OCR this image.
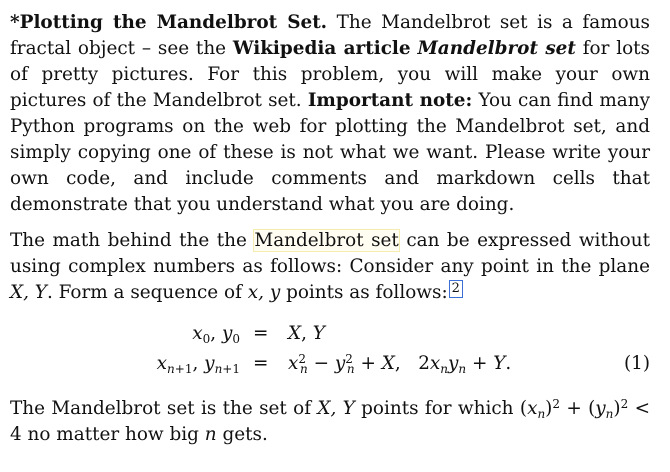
*Plotting the Mandelbrot Set. The Mandelbrot set is a famous fractal object – see the Wikipedia article Mandelbrot set for lots of pretty pictures. For this problem, you will make your own pictures of the Mandelbrot set. Important note: You can find many Python programs on the web for plotting the Mandelbrot set, and simply copying one of these is not what we want. Please write your own code, and include comments and markdown cells that demonstrate that you understand what you are doing.

The math behind the the Mandelbrot set can be expressed without using complex numbers as follows: Consider any point in the plane X, Y. Form a sequence of x, y points as follows: 2

$x_0$, $y_0 = X$, Y
$x_{n+1}$, $y_{n+1} = x^2_n - y^2_n + X$,   $2x_ny_n + Y$.	(1)

The Mandelbrot set is the set of X, Y points for which $(x_n)^2 + (y_n)^2 < 4$ no matter how big n gets.
